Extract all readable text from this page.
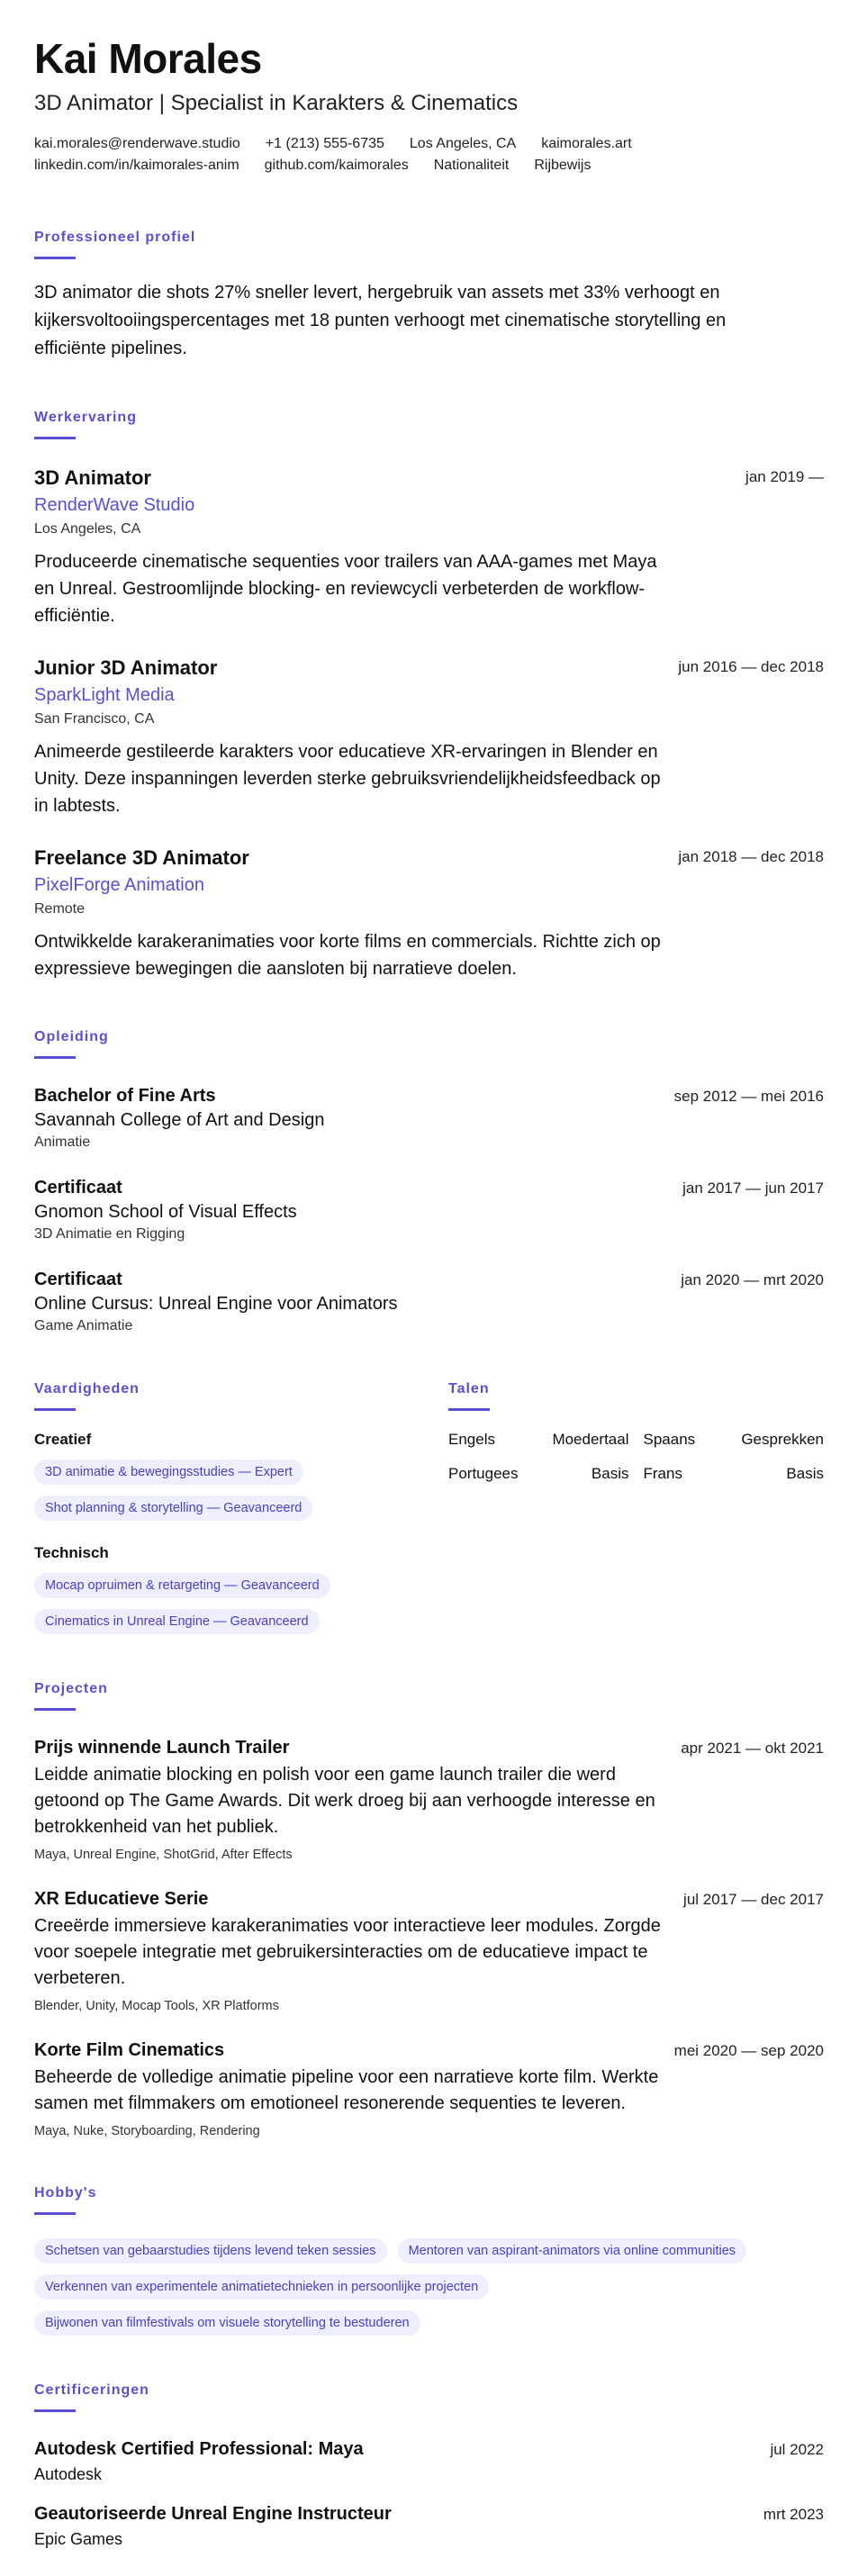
Kai Morales
3D Animator | Specialist in Karakters & Cinematics
kai.morales@renderwave.studio +1 (213) 555-6735 Los Angeles, CA kaimorales.art
linkedin.com/in/kaimorales-anim github.com/kaimorales Nationaliteit Rijbewijs
Professioneel profiel
3D animator die shots 27% sneller levert, hergebruik van assets met 33% verhoogt en kijkersvoltooiingspercentages met 18 punten verhoogt met cinematische storytelling en efficiënte pipelines.
Werkervaring
3D Animator	jan 2019 —
RenderWave Studio
Los Angeles, CA
Produceerde cinematische sequenties voor trailers van AAA-games met Maya en Unreal. Gestroomlijnde blocking- en reviewcycli verbeterden de workflow-efficiëntie.
Junior 3D Animator	jun 2016 — dec 2018
SparkLight Media
San Francisco, CA
Animeerde gestileerde karakters voor educatieve XR-ervaringen in Blender en Unity. Deze inspanningen leverden sterke gebruiksvriendelijkheidsfeedback op in labtests.
Freelance 3D Animator	jan 2018 — dec 2018
PixelForge Animation
Remote
Ontwikkelde karakeranimaties voor korte films en commercials. Richtte zich op expressieve bewegingen die aansloten bij narratieve doelen.
Opleiding
Bachelor of Fine Arts	sep 2012 — mei 2016
Savannah College of Art and Design
Animatie
Certificaat	jan 2017 — jun 2017
Gnomon School of Visual Effects
3D Animatie en Rigging
Certificaat	jan 2020 — mrt 2020
Online Cursus: Unreal Engine voor Animators
Game Animatie
Vaardigheden
Creatief
3D animatie & bewegingsstudies — Expert
Shot planning & storytelling — Geavanceerd
Technisch
Mocap opruimen & retargeting — Geavanceerd
Cinematics in Unreal Engine — Geavanceerd
Talen
Engels	Moedertaal Spaans	Gesprekken
Portugees	Basis Frans	Basis
Projecten
Prijs winnende Launch Trailer	apr 2021 — okt 2021
Leidde animatie blocking en polish voor een game launch trailer die werd getoond op The Game Awards. Dit werk droeg bij aan verhoogde interesse en betrokkenheid van het publiek.
Maya, Unreal Engine, ShotGrid, After Effects
XR Educatieve Serie	jul 2017 — dec 2017
Creeërde immersieve karakeranimaties voor interactieve leer modules. Zorgde voor soepele integratie met gebruikersinteracties om de educatieve impact te verbeteren.
Blender, Unity, Mocap Tools, XR Platforms
Korte Film Cinematics	mei 2020 — sep 2020
Beheerde de volledige animatie pipeline voor een narratieve korte film. Werkte samen met filmmakers om emotioneel resonerende sequenties te leveren.
Maya, Nuke, Storyboarding, Rendering
Hobby's
Schetsen van gebaarstudies tijdens levend teken sessies	Mentoren van aspirant-animators via online communities
Verkennen van experimentele animatietechnieken in persoonlijke projecten
Bijwonen van filmfestivals om visuele storytelling te bestuderen
Certificeringen
Autodesk Certified Professional: Maya	jul 2022
Autodesk
Geautoriseerde Unreal Engine Instructeur	mrt 2023
Epic Games
